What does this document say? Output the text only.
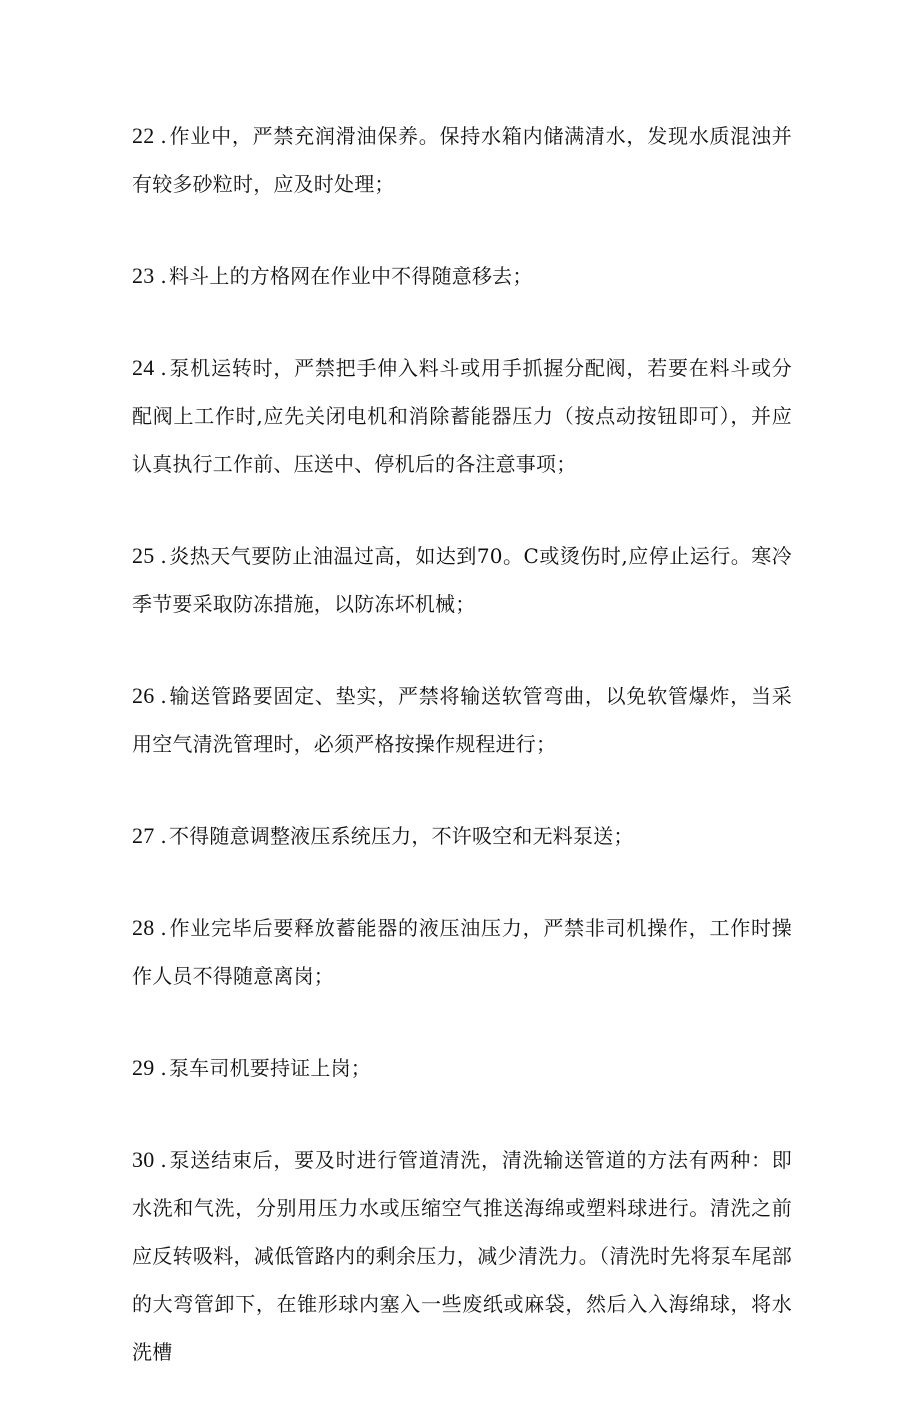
22 . 作业中，严禁充润滑油保养。保持水箱内储满清水，发现水质混浊并有较多砂粒时，应及时处理；
23 . 料斗上的方格网在作业中不得随意移去；
24 . 泵机运转时，严禁把手伸入料斗或用手抓握分配阀，若要在料斗或分配阀上工作时,应先关闭电机和消除蓄能器压力（按点动按钮即可），并应认真执行工作前、压送中、停机后的各注意事项；
25 . 炎热天气要防止油温过高，如达到70。C或烫伤时,应停止运行。寒冷季节要采取防冻措施，以防冻坏机械；
26 . 输送管路要固定、垫实，严禁将输送软管弯曲，以免软管爆炸，当采用空气清洗管理时，必须严格按操作规程进行；
27 . 不得随意调整液压系统压力，不许吸空和无料泵送；
28 . 作业完毕后要释放蓄能器的液压油压力，严禁非司机操作，工作时操作人员不得随意离岗；
29 . 泵车司机要持证上岗；
30 . 泵送结束后，要及时进行管道清洗，清洗输送管道的方法有两种：即水洗和气洗，分别用压力水或压缩空气推送海绵或塑料球进行。清洗之前应反转吸料，减低管路内的剩余压力，减少清洗力。（清洗时先将泵车尾部的大弯管卸下，在锥形球内塞入一些废纸或麻袋，然后入入海绵球，将水洗槽
